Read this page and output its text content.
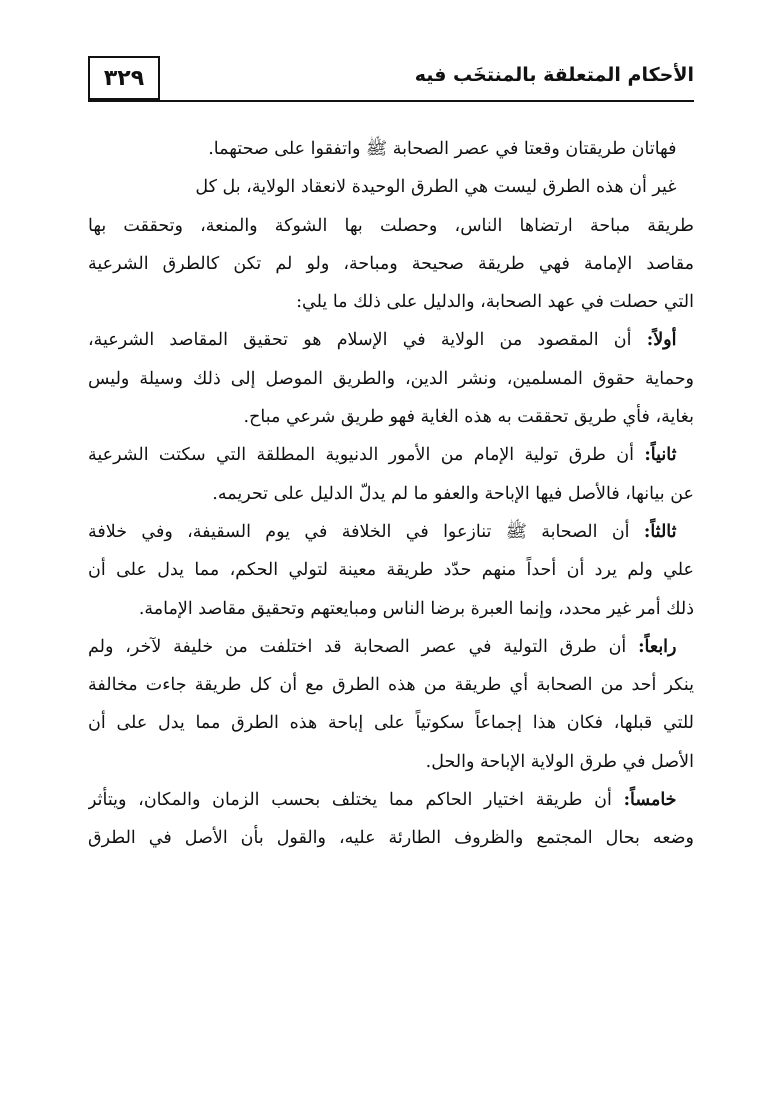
٣٢٩	الأحكام المتعلقة بالمنتخَب فيه
​ فهاتان طريقتان وقعتا في عصر الصحابة ﷺ واتفقوا على صحتهما.
​ غير أن هذه الطرق ليست هي الطرق الوحيدة لانعقاد الولاية، بل كل
طريقة مباحة ارتضاها الناس، وحصلت بها الشوكة والمنعة، وتحققت بها
مقاصد الإمامة فهي طريقة صحيحة ومباحة، ولو لم تكن كالطرق الشرعية
التي حصلت في عهد الصحابة، والدليل على ذلك ما يلي:
​ أولاً: أن المقصود من الولاية في الإسلام هو تحقيق المقاصد الشرعية،
وحماية حقوق المسلمين، ونشر الدين، والطريق الموصل إلى ذلك وسيلة وليس
بغاية، فأي طريق تحققت به هذه الغاية فهو طريق شرعي مباح.
​ ثانياً: أن طرق تولية الإمام من الأمور الدنيوية المطلقة التي سكتت الشرعية
عن بيانها، فالأصل فيها الإباحة والعفو ما لم يدلّ الدليل على تحريمه.
​ ثالثاً: أن الصحابة ﷺ تنازعوا في الخلافة في يوم السقيفة، وفي خلافة
علي ولم يرد أن أحداً منهم حدّد طريقة معينة لتولي الحكم، مما يدل على أن
ذلك أمر غير محدد، وإنما العبرة برضا الناس ومبايعتهم وتحقيق مقاصد الإمامة.
​ رابعاً: أن طرق التولية في عصر الصحابة قد اختلفت من خليفة لآخر، ولم
ينكر أحد من الصحابة أي طريقة من هذه الطرق مع أن كل طريقة جاءت مخالفة
للتي قبلها، فكان هذا إجماعاً سكوتياً على إباحة هذه الطرق مما يدل على أن
الأصل في طرق الولاية الإباحة والحل.
​ خامساً: أن طريقة اختيار الحاكم مما يختلف بحسب الزمان والمكان، ويتأثر
وضعه بحال المجتمع والظروف الطارئة عليه، والقول بأن الأصل في الطرق
